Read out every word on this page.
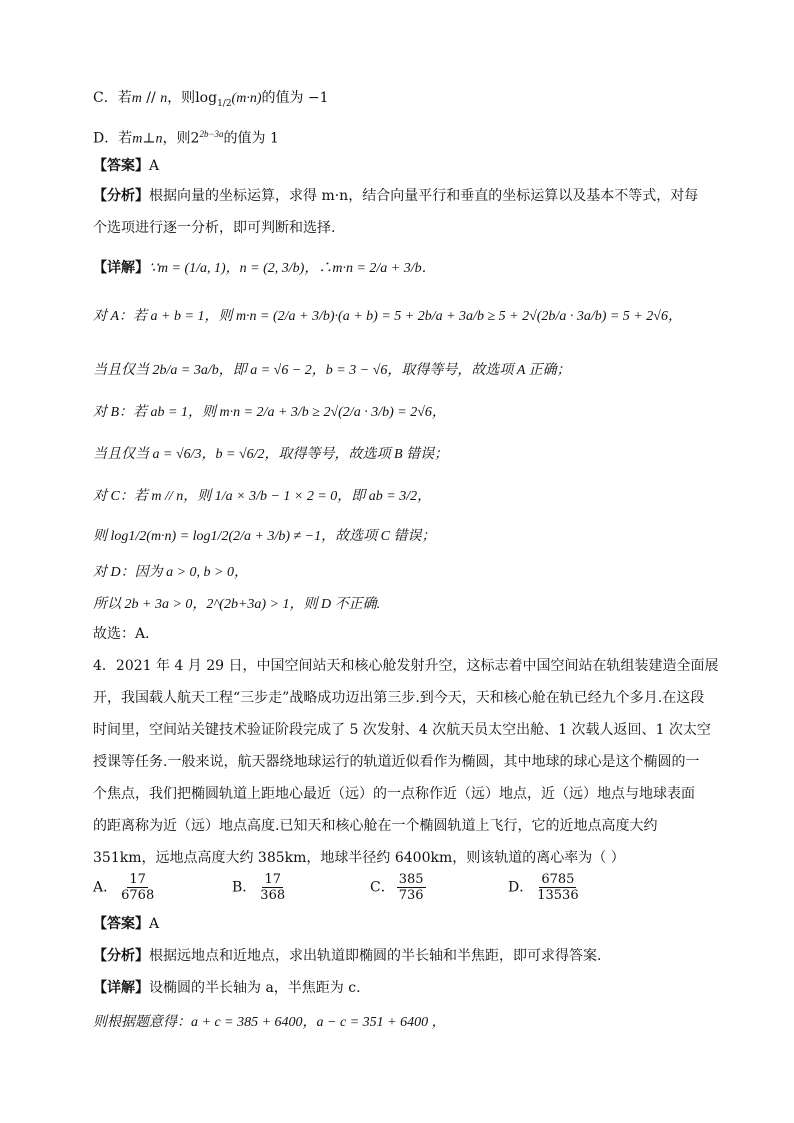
C．若m // n，则$\log_{1/2}(m\cdot n)$的值为 −1
D．若m⊥n，则$2^{2b-3a}$的值为 1
【答案】A
【分析】根据向量的坐标运算，求得 m·n，结合向量平行和垂直的坐标运算以及基本不等式，对每
个选项进行逐一分析，即可判断和选择.
【详解】∵m = (1/a, 1)，n = (2, 3/b)，∴m·n = 2/a + 3/b．
对 A：若 a + b = 1，则 m·n = (2/a + 3/b)·(a + b) = 5 + 2b/a + 3a/b ≥ 5 + 2√(2b/a · 3a/b) = 5 + 2√6，
当且仅当 2b/a = 3a/b，即 a = √6 − 2，b = 3 − √6，取得等号，故选项 A 正确；
对 B：若 ab = 1，则 m·n = 2/a + 3/b ≥ 2√(2/a · 3/b) = 2√6，
当且仅当 a = √6/3，b = √6/2，取得等号，故选项 B 错误；
对 C：若 m // n，则 1/a × 3/b − 1 × 2 = 0，即 ab = 3/2，
则 log1/2(m·n) = log1/2(2/a + 3/b) ≠ −1，故选项 C 错误；
对 D：因为 a > 0, b > 0，
所以 2b + 3a > 0，2^(2b+3a) > 1，则 D 不正确.
故选：A．
4．2021 年 4 月 29 日，中国空间站天和核心舱发射升空，这标志着中国空间站在轨组装建造全面展
开，我国载人航天工程“三步走”战略成功迈出第三步.到今天，天和核心舱在轨已经九个多月.在这段
时间里，空间站关键技术验证阶段完成了 5 次发射、4 次航天员太空出舱、1 次载人返回、1 次太空
授课等任务.一般来说，航天器绕地球运行的轨道近似看作为椭圆，其中地球的球心是这个椭圆的一
个焦点，我们把椭圆轨道上距地心最近（远）的一点称作近（远）地点，近（远）地点与地球表面
的距离称为近（远）地点高度.已知天和核心舱在一个椭圆轨道上飞行，它的近地点高度大约
351km，远地点高度大约 385km，地球半径约 6400km，则该轨道的离心率为（ ）
A． $\frac{17}{6768}$	B． $\frac{17}{368}$	C． $\frac{385}{736}$	D． $\frac{6785}{13536}$
【答案】A
【分析】根据远地点和近地点，求出轨道即椭圆的半长轴和半焦距，即可求得答案.
【详解】设椭圆的半长轴为 a，半焦距为 c.
则根据题意得：a + c = 385 + 6400，a − c = 351 + 6400 ，
